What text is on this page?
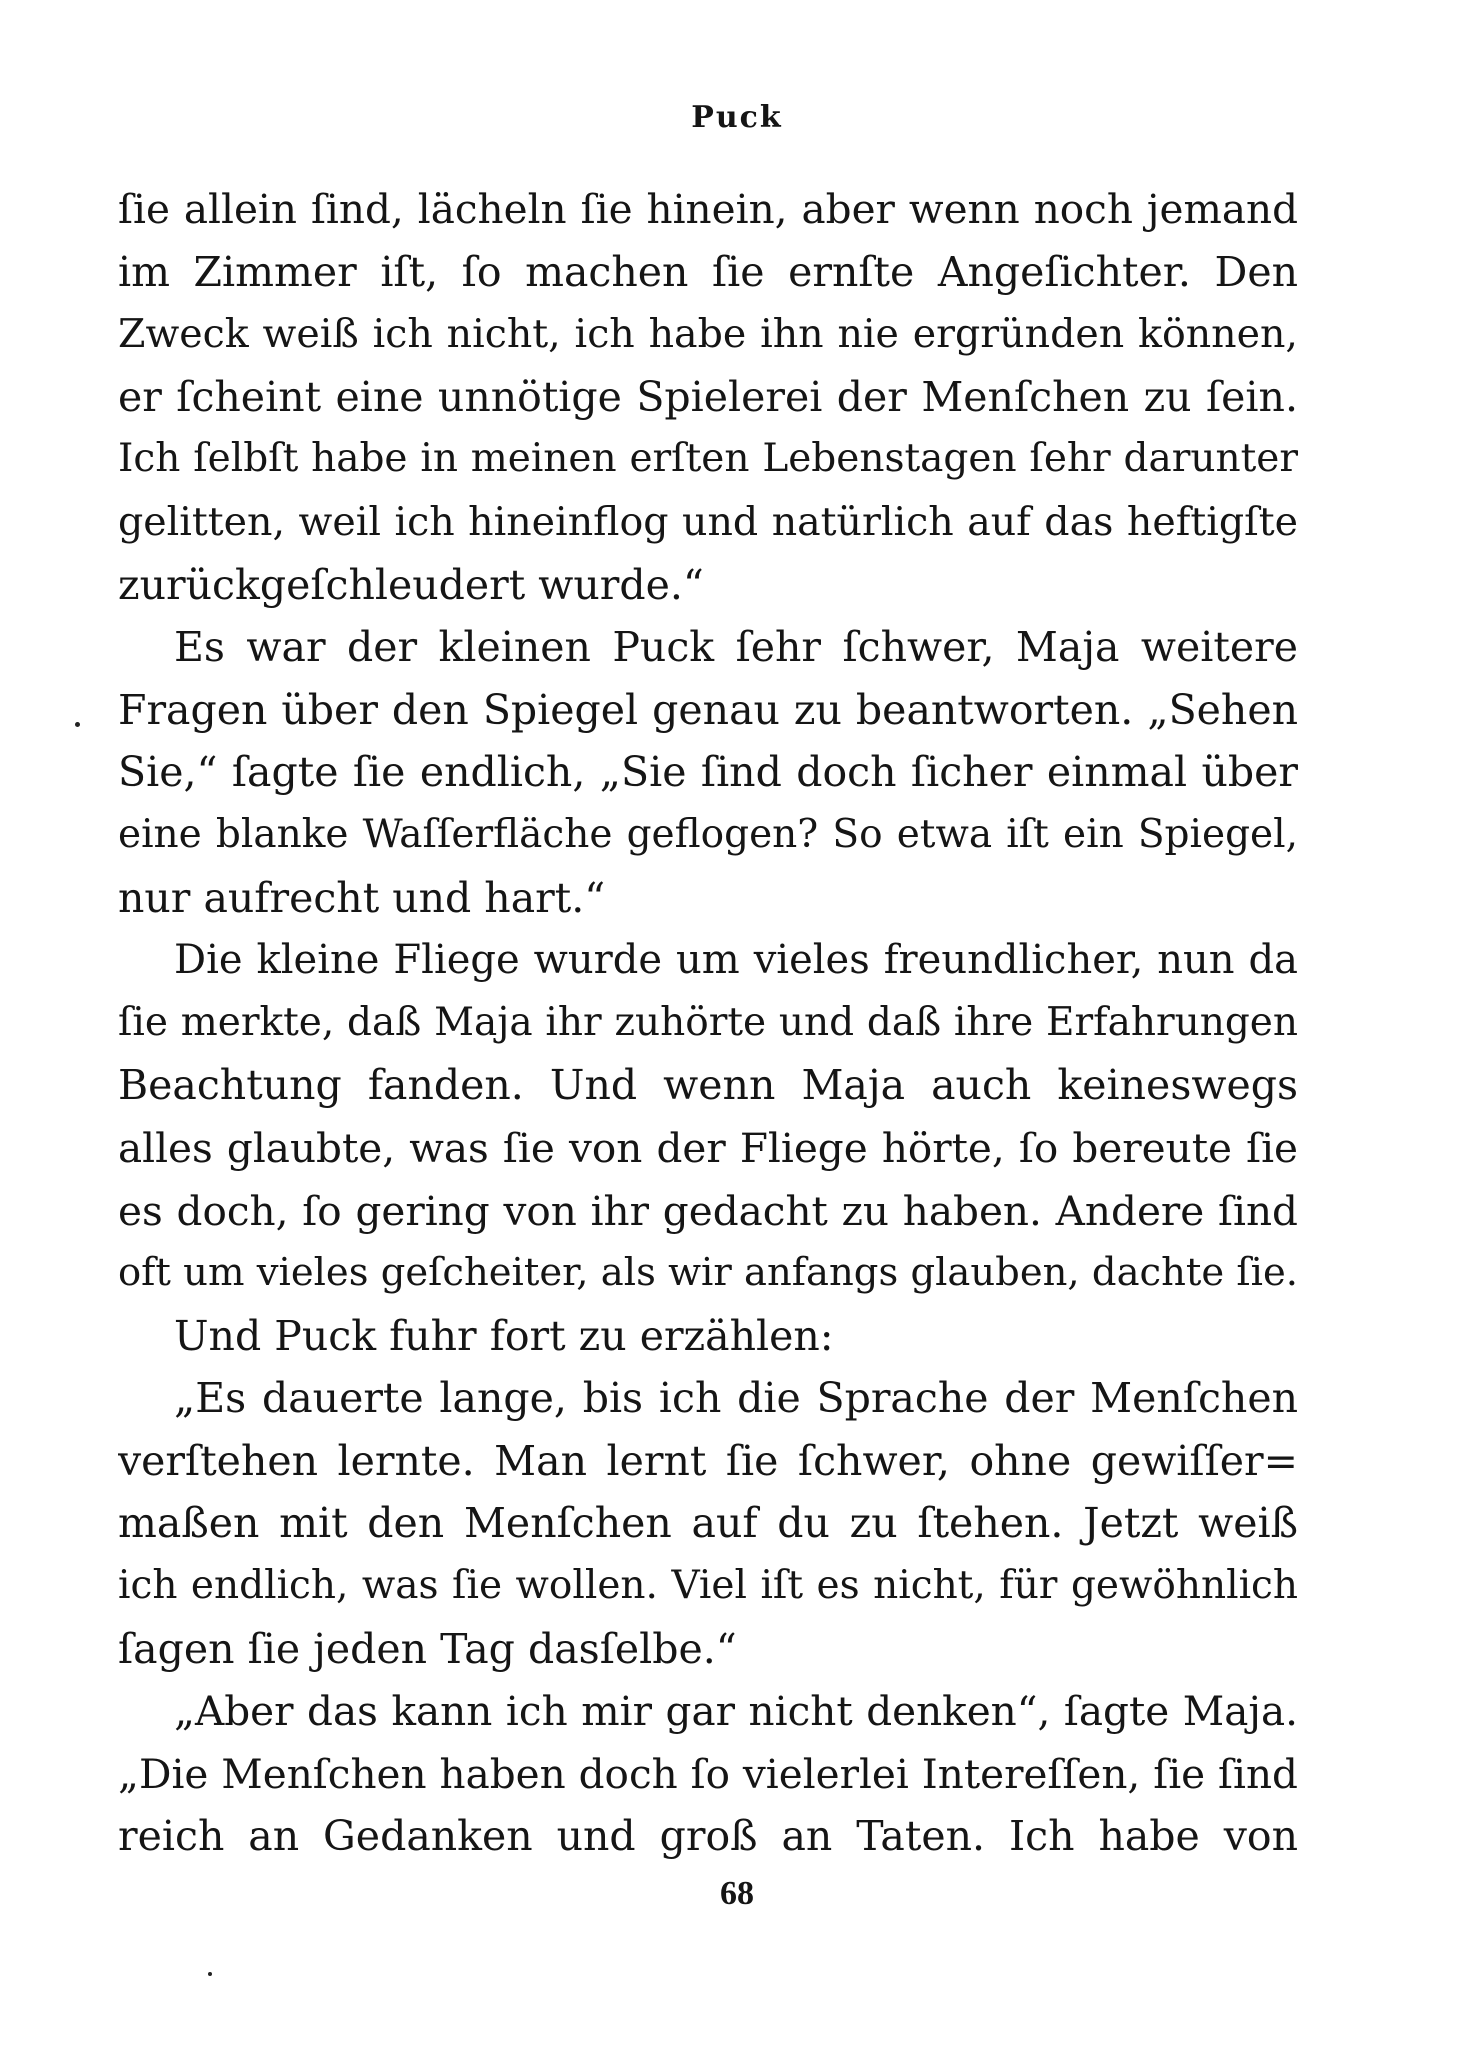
Puck
ſie allein ſind, lächeln ſie hinein, aber wenn noch jemand
im Zimmer iſt, ſo machen ſie ernſte Angeſichter. Den
Zweck weiß ich nicht, ich habe ihn nie ergründen können,
er ſcheint eine unnötige Spielerei der Menſchen zu ſein.
Ich ſelbſt habe in meinen erſten Lebenstagen ſehr darunter
gelitten, weil ich hineinflog und natürlich auf das heftigſte
zurückgeſchleudert wurde.“
Es war der kleinen Puck ſehr ſchwer, Maja weitere
Fragen über den Spiegel genau zu beantworten. „Sehen
Sie,“ ſagte ſie endlich, „Sie ſind doch ſicher einmal über
eine blanke Waſſerfläche geflogen? So etwa iſt ein Spiegel,
nur aufrecht und hart.“
Die kleine Fliege wurde um vieles freundlicher, nun da
ſie merkte, daß Maja ihr zuhörte und daß ihre Erfahrungen
Beachtung fanden. Und wenn Maja auch keineswegs
alles glaubte, was ſie von der Fliege hörte, ſo bereute ſie
es doch, ſo gering von ihr gedacht zu haben. Andere ſind
oft um vieles geſcheiter, als wir anfangs glauben, dachte ſie.
Und Puck fuhr fort zu erzählen:
„Es dauerte lange, bis ich die Sprache der Menſchen
verſtehen lernte. Man lernt ſie ſchwer, ohne gewiſſer=
maßen mit den Menſchen auf du zu ſtehen. Jetzt weiß
ich endlich, was ſie wollen. Viel iſt es nicht, für gewöhnlich
ſagen ſie jeden Tag dasſelbe.“
„Aber das kann ich mir gar nicht denken“, ſagte Maja.
„Die Menſchen haben doch ſo vielerlei Intereſſen, ſie ſind
reich an Gedanken und groß an Taten. Ich habe von
68
